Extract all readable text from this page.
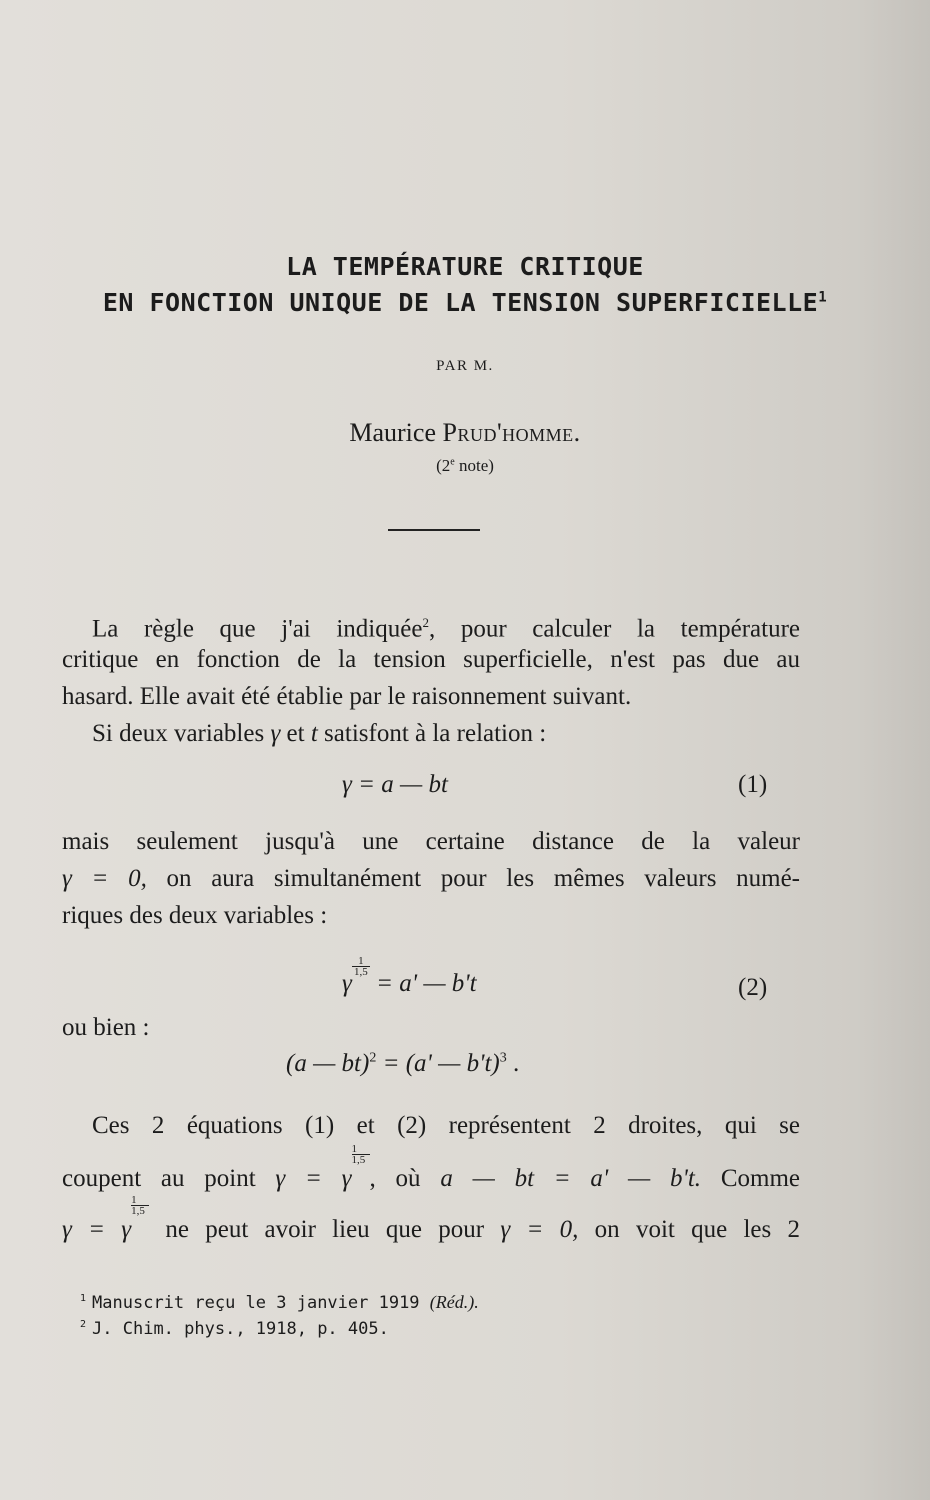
LA TEMPÉRATURE CRITIQUE
EN FONCTION UNIQUE DE LA TENSION SUPERFICIELLE$^1$
PAR M.
Maurice Prud'homme.
(2e note)
La règle que j'ai indiquée$^2$, pour calculer la température
critique en fonction de la tension superficielle, n'est pas due au
hasard. Elle avait été établie par le raisonnement suivant.
Si deux variables γ et t satisfont à la relation :
γ = a — bt	(1)
mais seulement jusqu'à une certaine distance de la valeur
γ = 0, on aura simultanément pour les mêmes valeurs numé-
riques des deux variables :
γ
$\frac{1}{1,5}$
= a' — b't	(2)
ou bien :
(a — bt)$^2$ = (a' — b't)$^3$ .
Ces 2 équations (1) et (2) représentent 2 droites, qui se
coupent au point γ = γ
$\frac{1}{1,5}$
, où a — bt = a' — b't. Comme
γ = γ
$\frac{1}{1,5}$
ne peut avoir lieu que pour γ = 0, on voit que les 2
$^1$ Manuscrit reçu le 3 janvier 1919 (Réd.).
$^2$ J. Chim. phys., 1918, p. 405.
